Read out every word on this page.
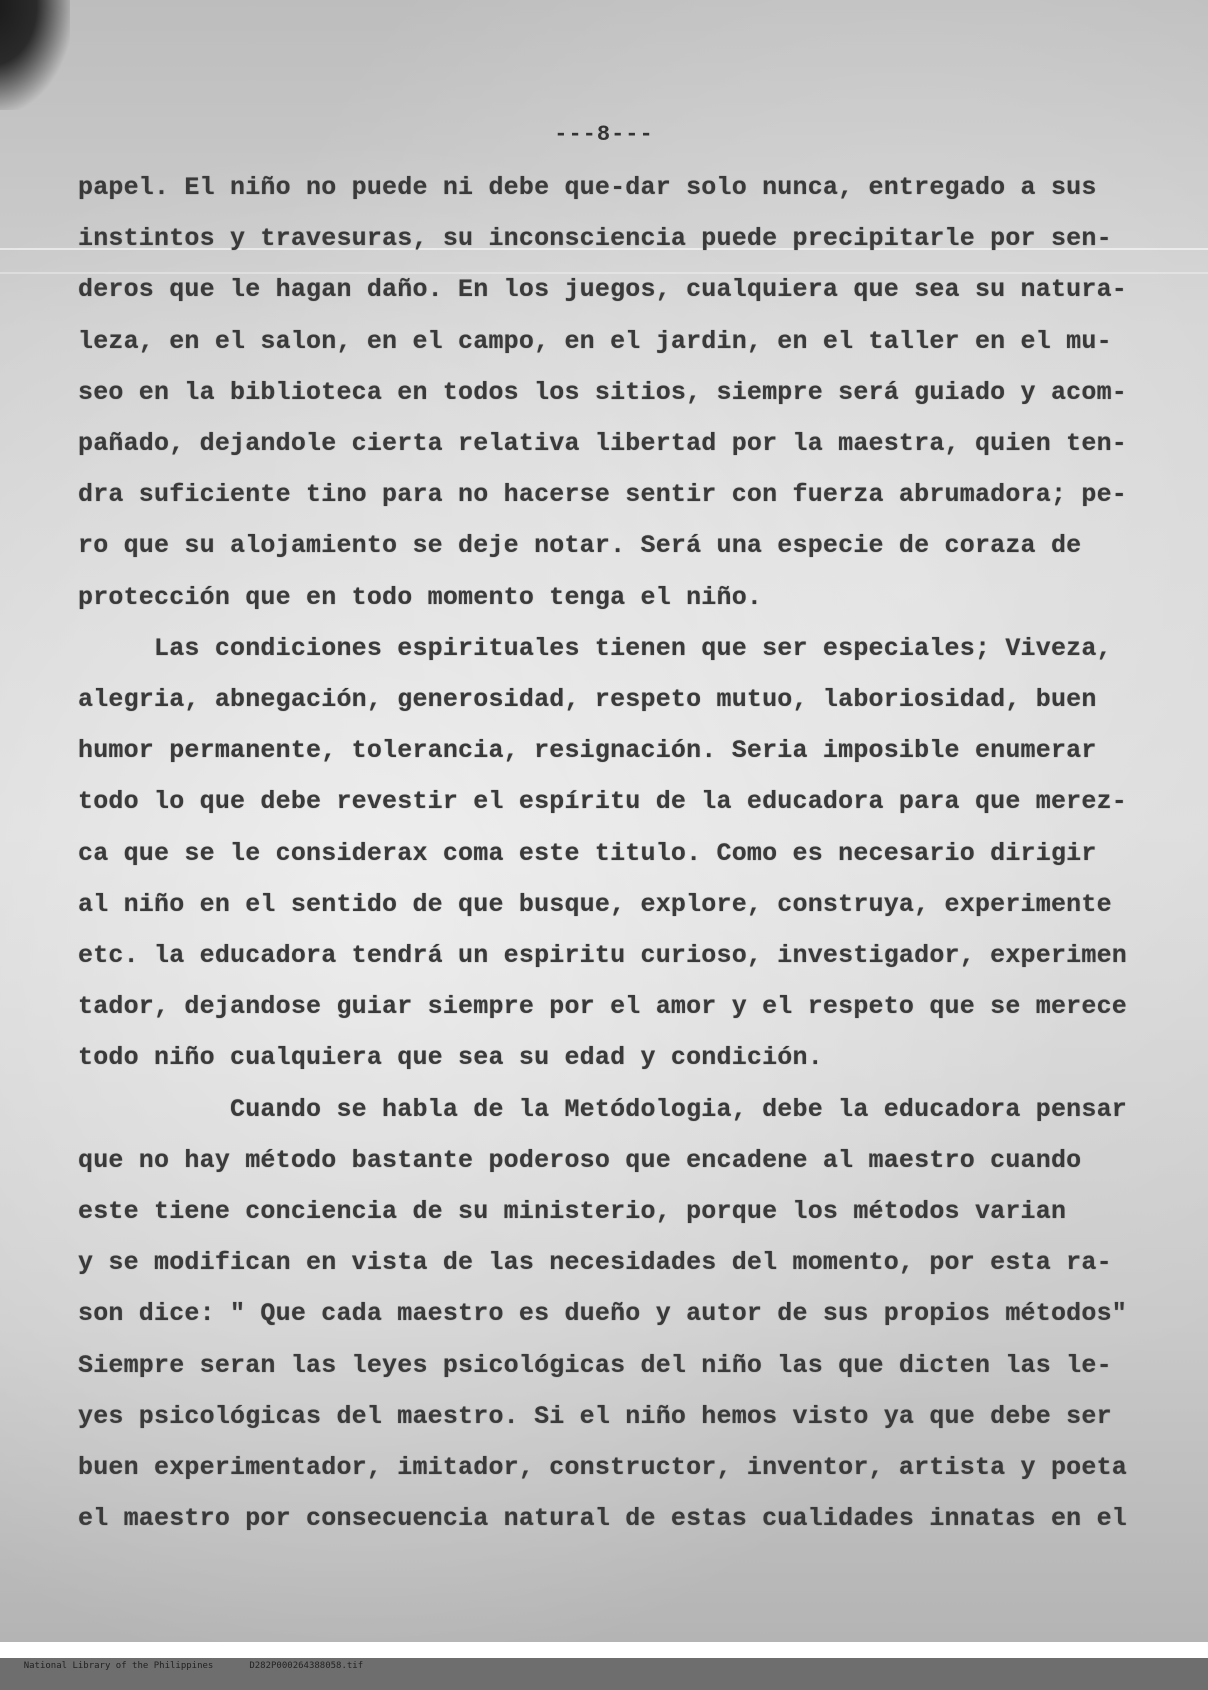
---8---
papel. El niño no puede ni debe que-dar solo nunca, entregado a sus
instintos y travesuras, su inconsciencia puede precipitarle por sen-
deros que le hagan daño. En los juegos, cualquiera que sea su natura-
leza, en el salon, en el campo, en el jardin, en el taller en el mu-
seo en la biblioteca en todos los sitios, siempre será guiado y acom-
pañado, dejandole cierta relativa libertad por la maestra, quien ten-
dra suficiente tino para no hacerse sentir con fuerza abrumadora; pe-
ro que su alojamiento se deje notar. Será una especie de coraza de
protección que en todo momento tenga el niño.
Las condiciones espirituales tienen que ser especiales; Viveza,
alegria, abnegación, generosidad, respeto mutuo, laboriosidad, buen
humor permanente, tolerancia, resignación. Seria imposible enumerar
todo lo que debe revestir el espíritu de la educadora para que merez-
ca que se le considerax coma este titulo. Como es necesario dirigir
al niño en el sentido de que busque, explore, construya, experimente
etc. la educadora tendrá un espiritu curioso, investigador, experimen
tador, dejandose guiar siempre por el amor y el respeto que se merece
todo niño cualquiera que sea su edad y condición.
Cuando se habla de la Metódologia, debe la educadora pensar
que no hay método bastante poderoso que encadene al maestro cuando
este tiene conciencia de su ministerio, porque los métodos varian
y se modifican en vista de las necesidades del momento, por esta ra-
son dice: " Que cada maestro es dueño y autor de sus propios métodos"
Siempre seran las leyes psicológicas del niño las que dicten las le-
yes psicológicas del maestro. Si el niño hemos visto ya que debe ser
buen experimentador, imitador, constructor, inventor, artista y poeta
el maestro por consecuencia natural de estas cualidades innatas en el

National Library of the Philippines	D282P000264388058.tif
